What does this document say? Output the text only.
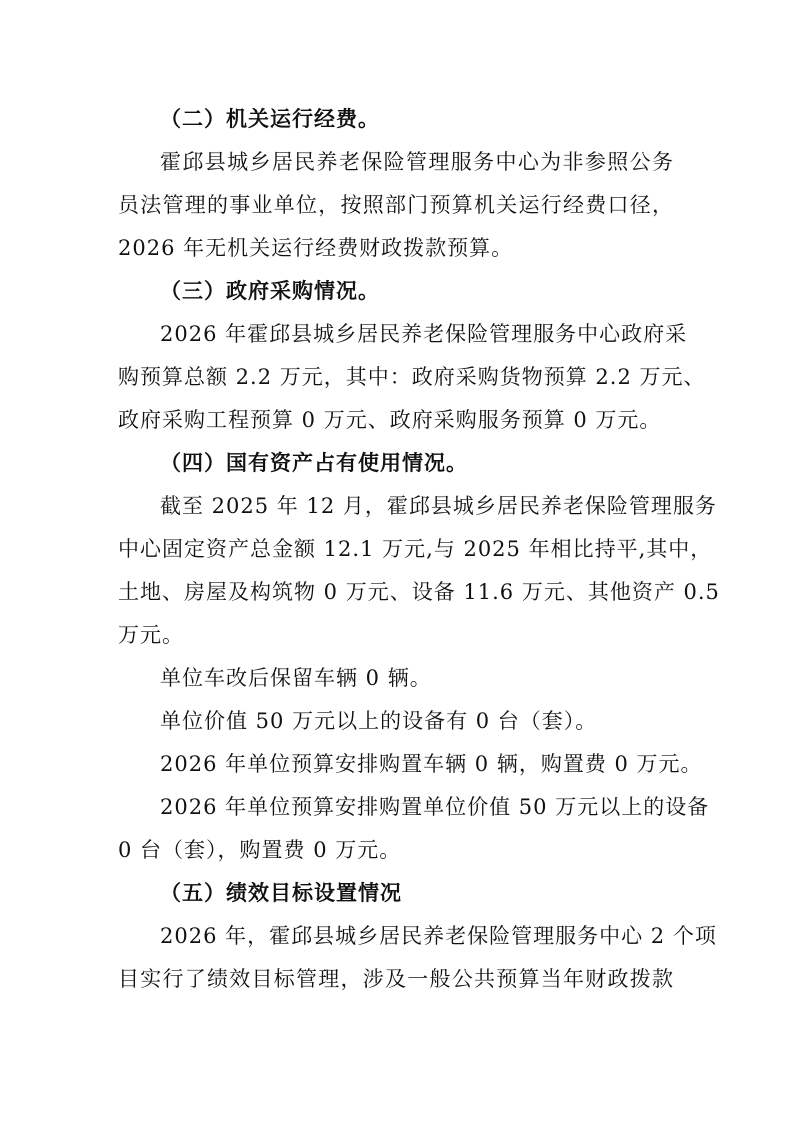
（二）机关运行经费。
霍邱县城乡居民养老保险管理服务中心为非参照公务
员法管理的事业单位，按照部门预算机关运行经费口径，
2026 年无机关运行经费财政拨款预算。
（三）政府采购情况。
2026 年霍邱县城乡居民养老保险管理服务中心政府采
购预算总额 2.2 万元，其中：政府采购货物预算 2.2 万元、
政府采购工程预算 0 万元、政府采购服务预算 0 万元。
（四）国有资产占有使用情况。
截至 2025 年 12 月，霍邱县城乡居民养老保险管理服务
中心固定资产总金额 12.1 万元,与 2025 年相比持平,其中，
土地、房屋及构筑物 0 万元、设备 11.6 万元、其他资产 0.5
万元。
单位车改后保留车辆 0 辆。
单位价值 50 万元以上的设备有 0 台（套）。
2026 年单位预算安排购置车辆 0 辆，购置费 0 万元。
2026 年单位预算安排购置单位价值 50 万元以上的设备
0 台（套），购置费 0 万元。
（五）绩效目标设置情况
2026 年，霍邱县城乡居民养老保险管理服务中心 2 个项
目实行了绩效目标管理，涉及一般公共预算当年财政拨款
